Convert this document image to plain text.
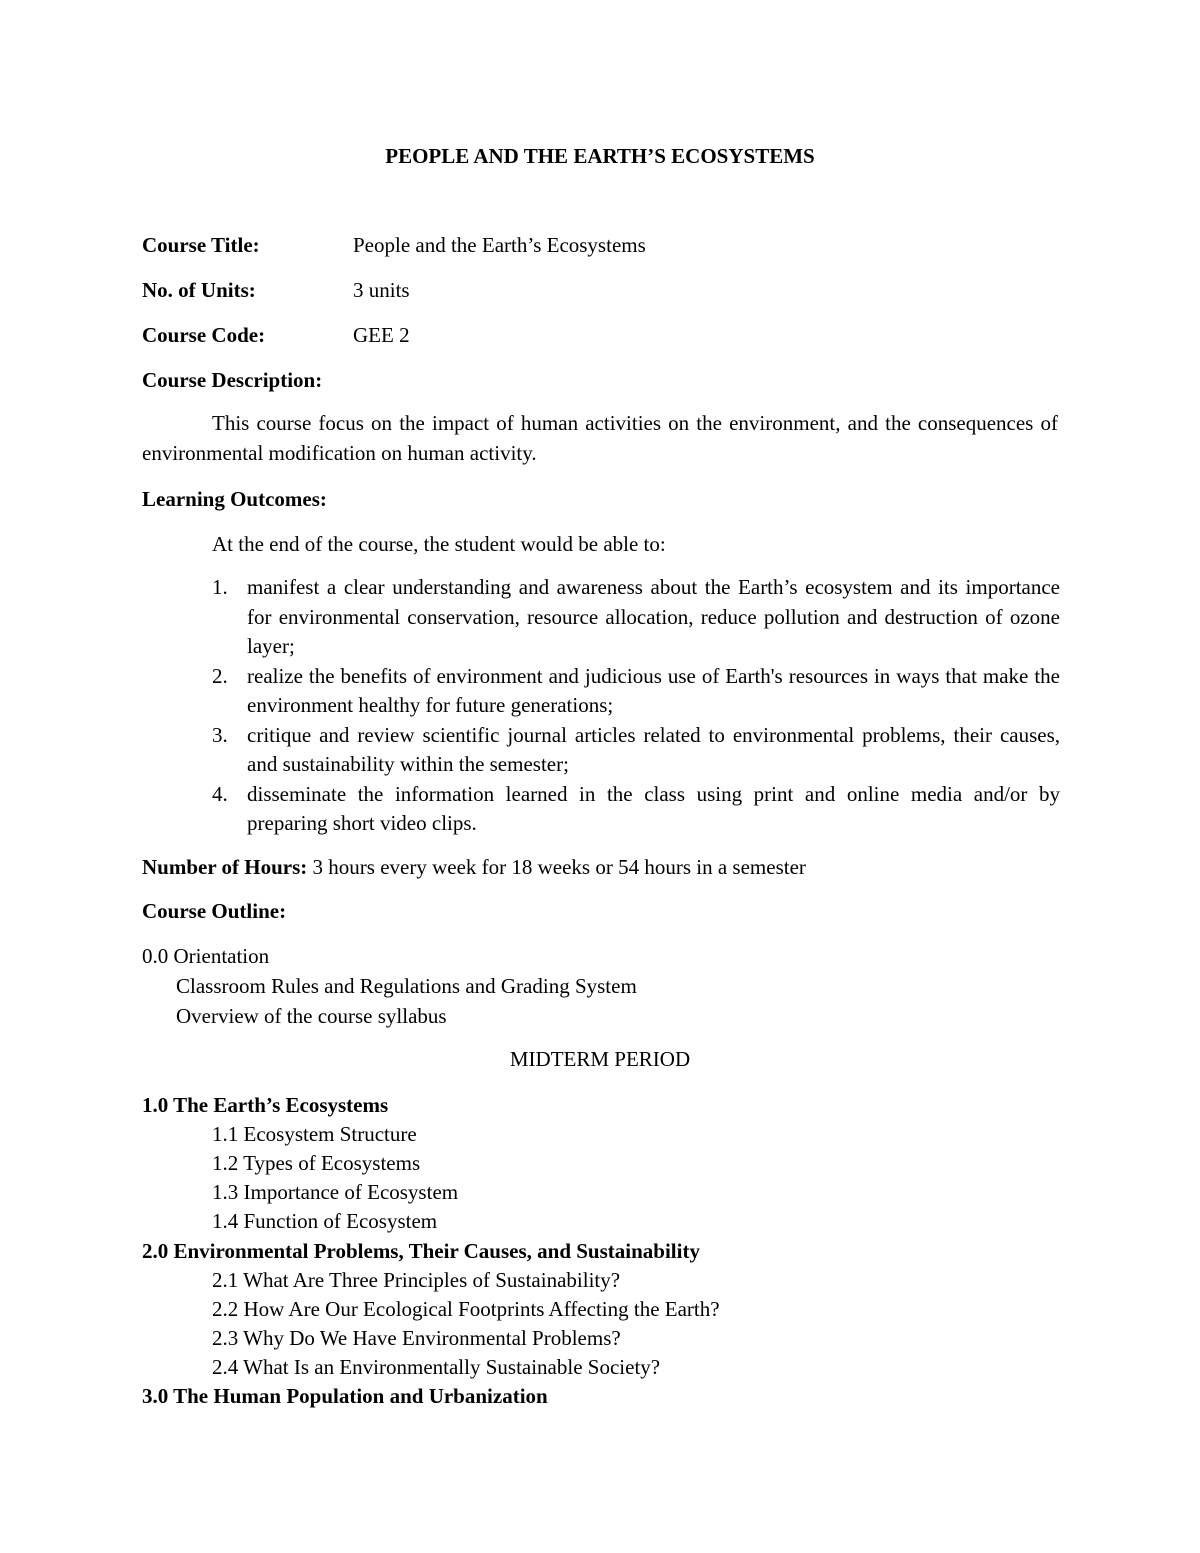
PEOPLE AND THE EARTH’S ECOSYSTEMS
Course Title:	People and the Earth’s Ecosystems
No. of Units:	3 units
Course Code:	GEE 2
Course Description:
This course focus on the impact of human activities on the environment, and the consequences of environmental modification on human activity.
Learning Outcomes:
At the end of the course, the student would be able to:
1. manifest a clear understanding and awareness about the Earth’s ecosystem and its importance for environmental conservation, resource allocation, reduce pollution and destruction of ozone layer;
2. realize the benefits of environment and judicious use of Earth's resources in ways that make the environment healthy for future generations;
3. critique and review scientific journal articles related to environmental problems, their causes, and sustainability within the semester;
4. disseminate the information learned in the class using print and online media and/or by preparing short video clips.
Number of Hours: 3 hours every week for 18 weeks or 54 hours in a semester
Course Outline:
0.0 Orientation
Classroom Rules and Regulations and Grading System
Overview of the course syllabus
MIDTERM PERIOD
1.0 The Earth’s Ecosystems
1.1 Ecosystem Structure
1.2 Types of Ecosystems
1.3 Importance of Ecosystem
1.4 Function of Ecosystem
2.0 Environmental Problems, Their Causes, and Sustainability
2.1 What Are Three Principles of Sustainability?
2.2 How Are Our Ecological Footprints Affecting the Earth?
2.3 Why Do We Have Environmental Problems?
2.4 What Is an Environmentally Sustainable Society?
3.0 The Human Population and Urbanization
